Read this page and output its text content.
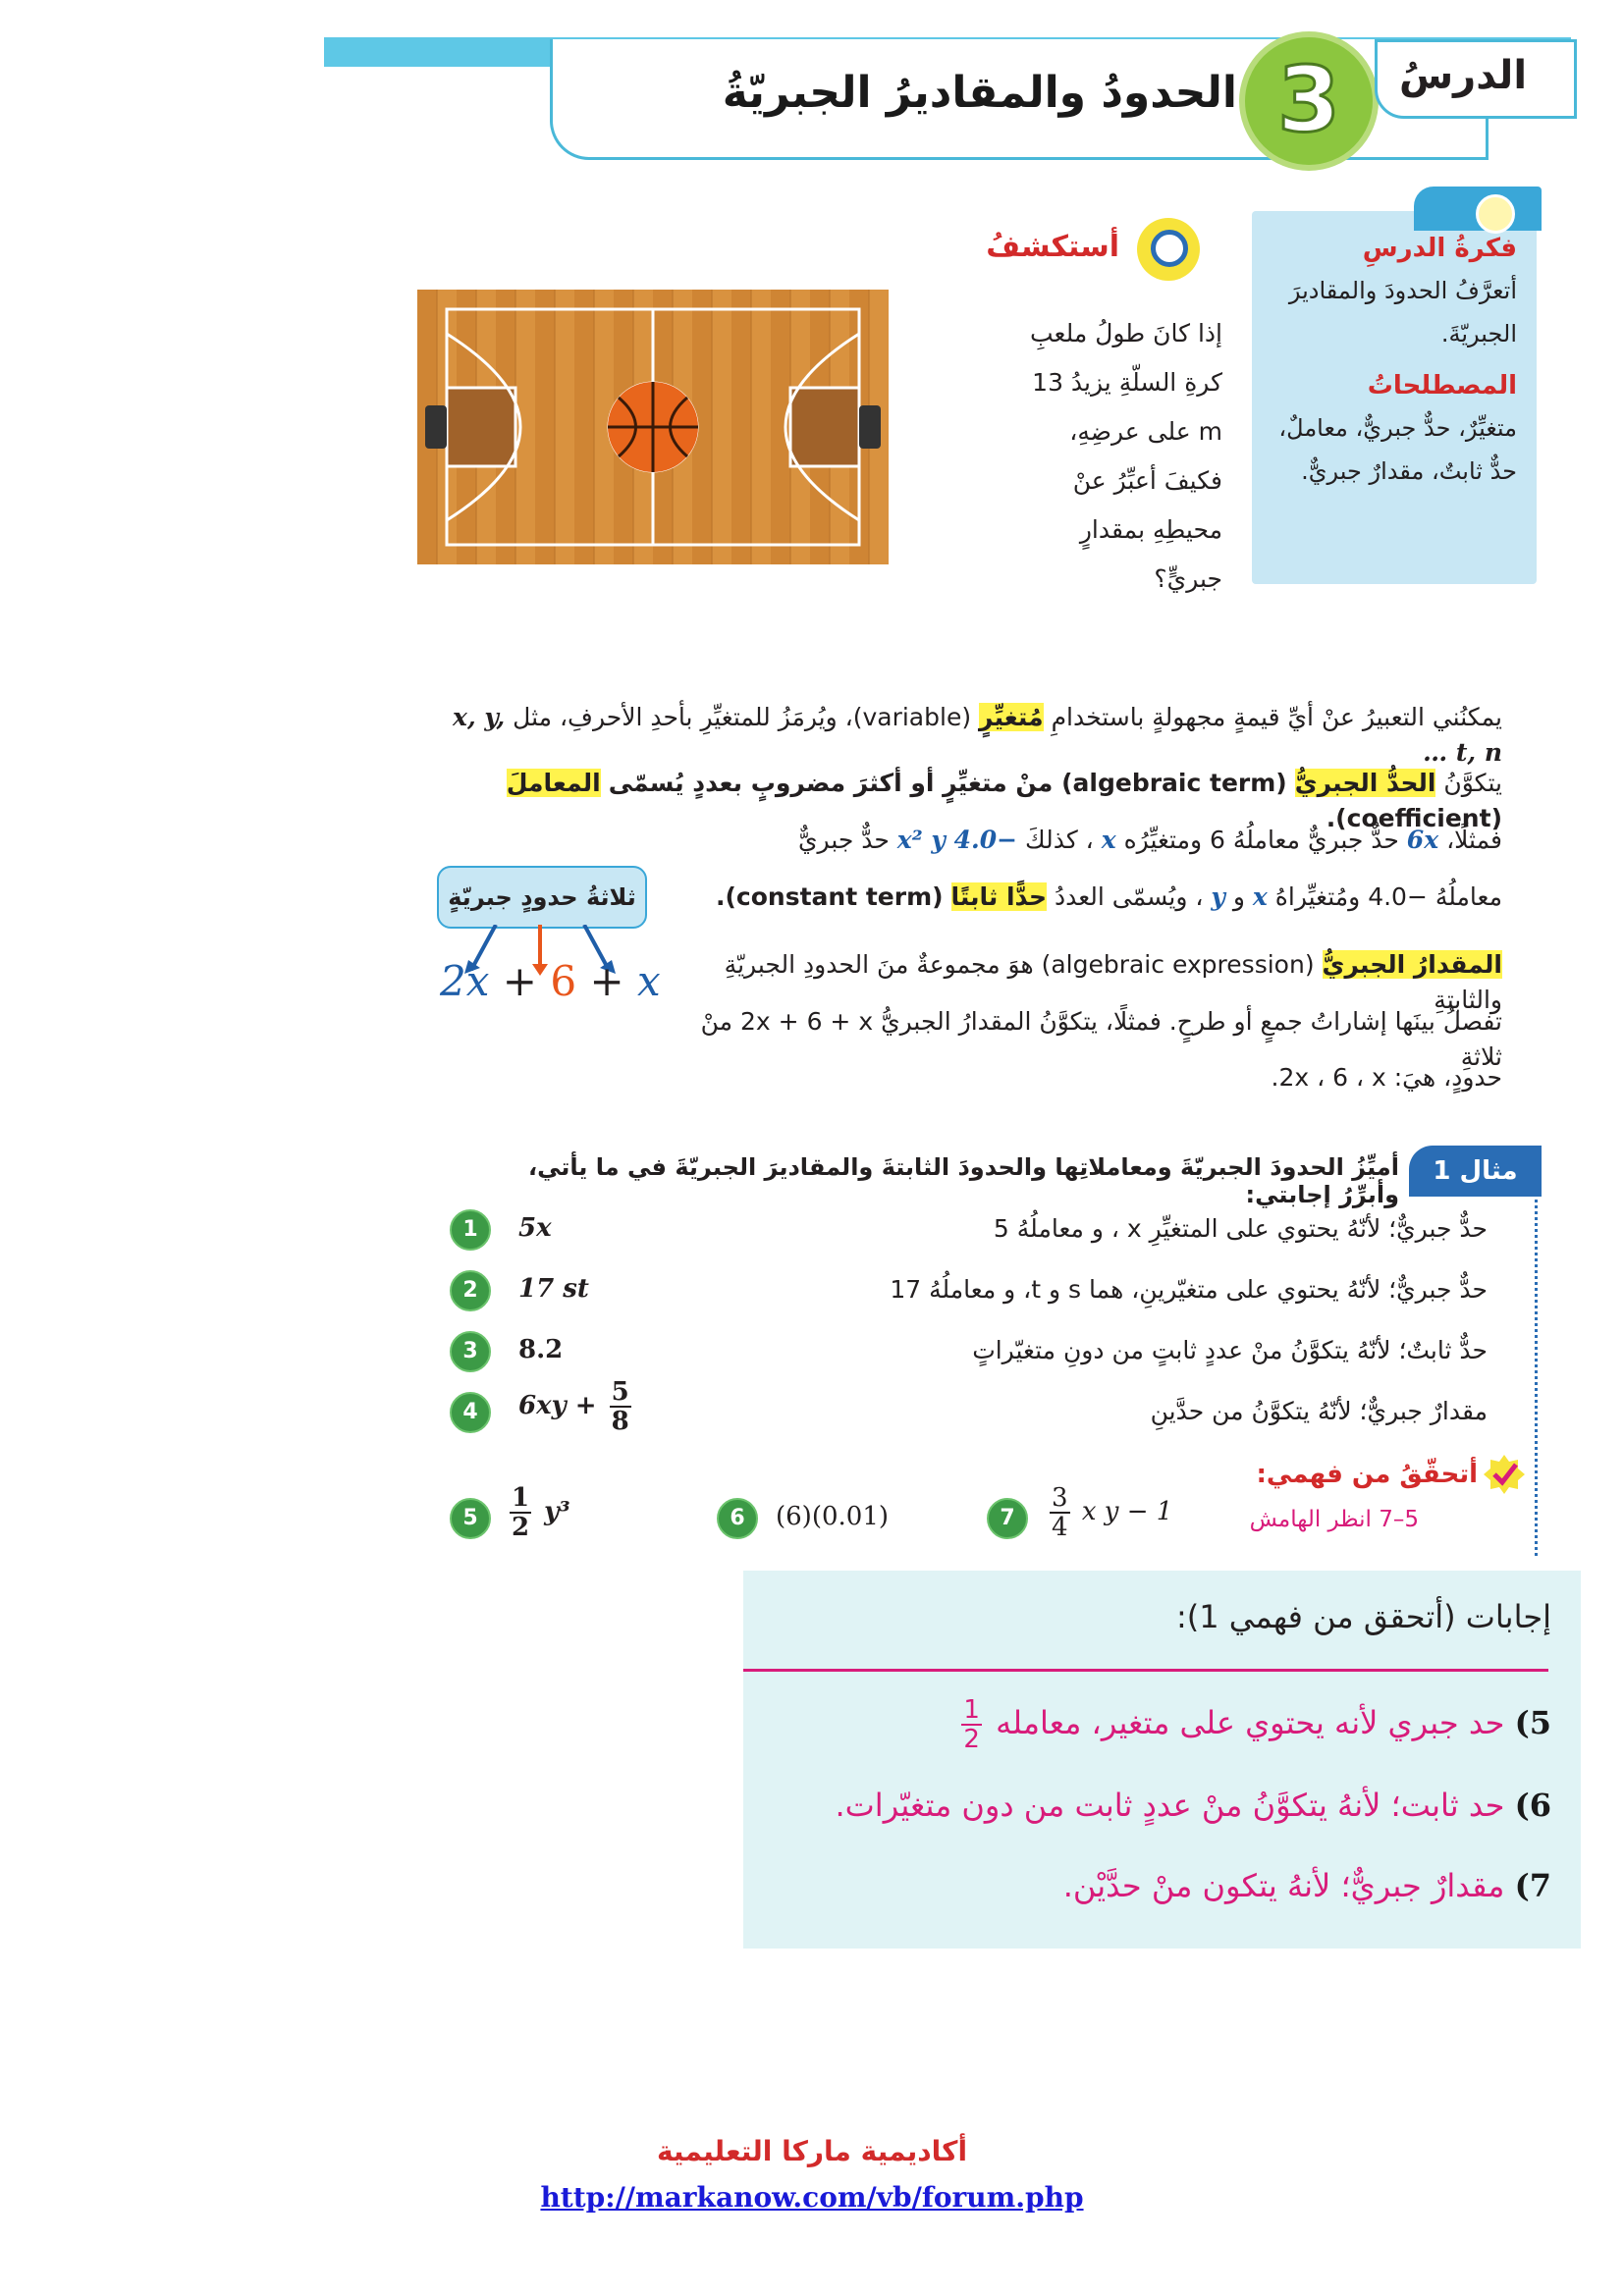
الحدودُ والمقاديرُ الجبريّةُ 3	الدرسُ
فكرةُ الدرسِ
أتعرَّفُ الحدودَ والمقاديرَ الجبريّةَ.
المصطلحاتُ
متغيِّرٌ، حدٌّ جبريٌّ، معاملٌ، حدٌّ ثابتٌ، مقدارٌ جبريٌّ.
أستكشفُ
إذا كانَ طولُ ملعبِ كرةِ السلّةِ يزيدُ 13 m على عرضِهِ، فكيفَ أعبِّرُ عنْ محيطِهِ بمقدارٍ جبريٍّ؟
يمكنُني التعبيرُ عنْ أيِّ قيمةٍ مجهولةٍ باستخدامِ مُتغيِّرٍ (variable)، ويُرمَزُ للمتغيِّرِ بأحدِ الأحرفِ، مثل x, y, t, n …
يتكوَّنُ الحدُّ الجبريُّ (algebraic term) منْ متغيِّرٍ أو أكثرَ مضروبٍ بعددٍ يُسمّى المعاملَ (coefficient).
فمثلًا، 6x حدٌّ جبريٌّ معاملُهُ 6 ومتغيِّرُه x ، كذلكَ −4.0 x² y حدٌّ جبريٌّ
معاملُهُ −4.0 ومُتغيِّراهُ x و y ، ويُسمّى العددُ حدًّا ثابتًا (constant term).
ثلاثةُ حدودٍ جبريّةٍ
2x + 6 + x	المقدارُ الجبريُّ (algebraic expression) هوَ مجموعةٌ منَ الحدودِ الجبريّةِ والثابتةِ
تفصلُ بينَها إشاراتُ جمعٍ أو طرحٍ. فمثلًا، يتكوَّنُ المقدارُ الجبريُّ 2x + 6 + x منْ ثلاثةِ
حدودٍ، هيَ: 2x ، 6 ، x.
مثال 1
أميِّزُ الحدودَ الجبريّةَ ومعاملاتِها والحدودَ الثابتةَ والمقاديرَ الجبريّةَ في ما يأتي، وأبرِّرُ إجابتي:
1	5x	حدٌّ جبريٌّ؛ لأنّهُ يحتوي على المتغيِّرِ x ، و معاملُهُ 5
2	17 st	حدٌّ جبريٌّ؛ لأنّهُ يحتوي على متغيّرينِ، هما s و t، و معاملُهُ 17
3	8.2	حدٌّ ثابتٌ؛ لأنّهُ يتكوَّنُ منْ عددٍ ثابتٍ من دونِ متغيّراتٍ
4	$6xy + \frac{5}{8}$	مقدارٌ جبريٌّ؛ لأنّهُ يتكوَّنُ من حدَّينِ
أتحقّقُ من فهمي:
5–7 انظر الهامش
5	$\frac{1}{2} y^3$	6	(6)(0.01)	7	$\frac{3}{4}$ x y − 1
إجابات (أتحقق من فهمي 1):
5) حد جبري لأنه يحتوي على متغير، معامله
$\frac{1}{2}$
6) حد ثابت؛ لأنهُ يتكوَّنُ منْ عددٍ ثابت من دون متغيّرات.
7) مقدارٌ جبريٌّ؛ لأنهُ يتكون منْ حدَّيْن.
أكاديمية ماركا التعليمية
http://markanow.com/vb/forum.php
